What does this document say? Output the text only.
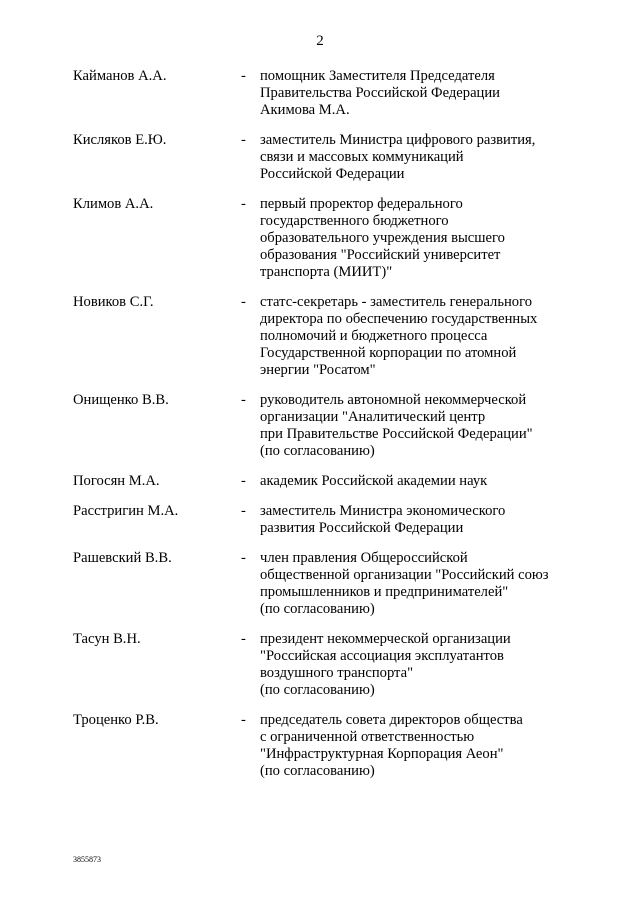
2
Кайманов А.А.	- помощник Заместителя Председателя
Правительства Российской Федерации
Акимова М.А.
Кисляков Е.Ю.	- заместитель Министра цифрового развития,
связи и массовых коммуникаций
Российской Федерации
Климов А.А.	- первый проректор федерального
государственного бюджетного
образовательного учреждения высшего
образования "Российский университет
транспорта (МИИТ)"
Новиков С.Г.	- статс-секретарь - заместитель генерального
директора по обеспечению государственных
полномочий и бюджетного процесса
Государственной корпорации по атомной
энергии "Росатом"
Онищенко В.В.	- руководитель автономной некоммерческой
организации "Аналитический центр
при Правительстве Российской Федерации"
(по согласованию)
Погосян М.А.	- академик Российской академии наук
Расстригин М.А.	- заместитель Министра экономического
развития Российской Федерации
Рашевский В.В.	- член правления Общероссийской
общественной организации "Российский союз
промышленников и предпринимателей"
(по согласованию)
Тасун В.Н.	- президент некоммерческой организации
"Российская ассоциация эксплуатантов
воздушного транспорта"
(по согласованию)
Троценко Р.В.	- председатель совета директоров общества
с ограниченной ответственностью
"Инфраструктурная Корпорация Аеон"
(по согласованию)
3855873
